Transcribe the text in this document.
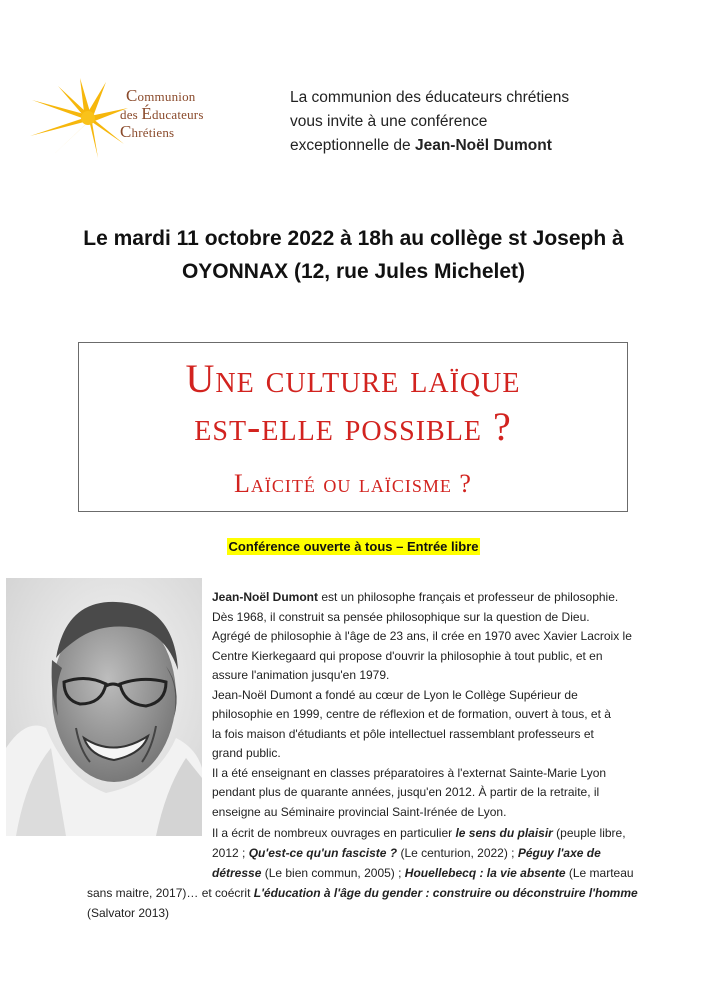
Communion
des Éducateurs Chrétiens
La communion des éducateurs chrétiens
vous invite à une conférence
exceptionnelle de Jean-Noël Dumont
Le mardi 11 octobre 2022 à 18h au collège st Joseph à
OYONNAX (12, rue Jules Michelet)
Une culture laïque
est-elle possible ?
Laïcité ou laïcisme ?
Conférence ouverte à tous – Entrée libre

Jean-Noël Dumont est un philosophe français et professeur de philosophie.

Dès 1968, il construit sa pensée philosophique sur la question de Dieu.

Agrégé de philosophie à l'âge de 23 ans, il crée en 1970 avec Xavier Lacroix le

Centre Kierkegaard qui propose d'ouvrir la philosophie à tout public, et en

assure l'animation jusqu'en 1979.

Jean-Noël Dumont a fondé au cœur de Lyon le Collège Supérieur de

philosophie en 1999, centre de réflexion et de formation, ouvert à tous, et à

la fois maison d'étudiants et pôle intellectuel rassemblant professeurs et

grand public.

Il a été enseignant en classes préparatoires à l'externat Sainte-Marie Lyon

pendant plus de quarante années, jusqu'en 2012. À partir de la retraite, il

enseigne au Séminaire provincial Saint-Irénée de Lyon.

Il a écrit de nombreux ouvrages en particulier le sens du plaisir (peuple libre,
2012 ; Qu'est-ce qu'un fasciste ? (Le centurion, 2022) ; Péguy l'axe de
détresse (Le bien commun, 2005) ; Houellebecq : la vie absente (Le marteau
sans maitre, 2017)… et coécrit L'éducation à l'âge du gender : construire ou déconstruire l'homme
(Salvator 2013)
